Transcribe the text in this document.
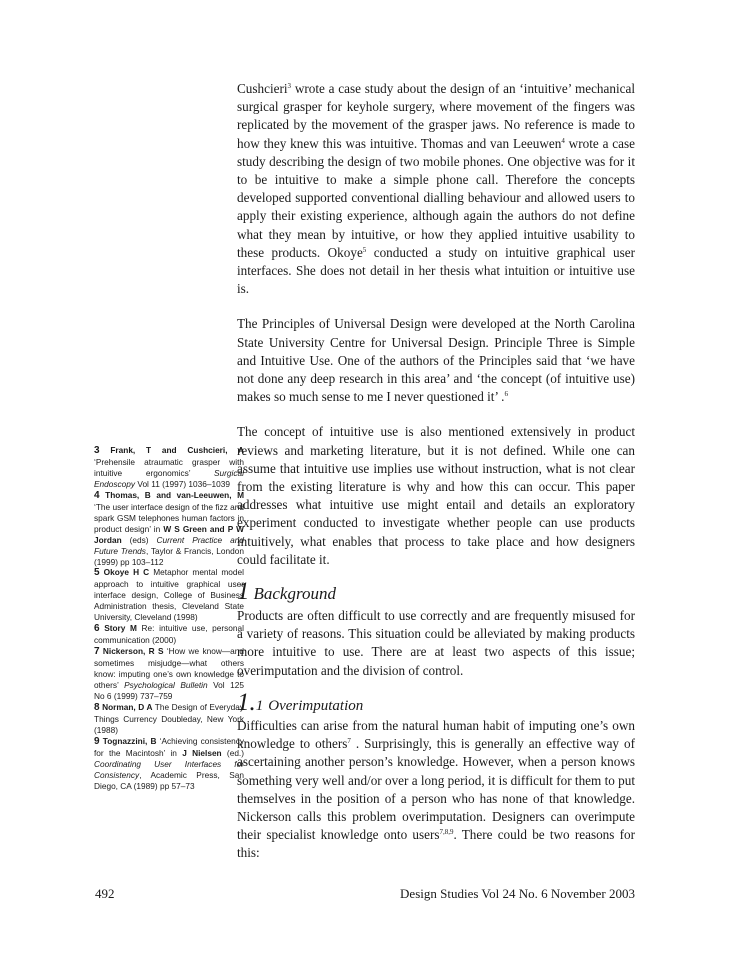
Cushcieri$^3$ wrote a case study about the design of an ‘intuitive’ mechanical surgical grasper for keyhole surgery, where movement of the fingers was replicated by the movement of the grasper jaws. No reference is made to how they knew this was intuitive. Thomas and van Leeuwen$^4$ wrote a case study describing the design of two mobile phones. One objective was for it to be intuitive to make a simple phone call. Therefore the concepts developed supported conventional dialling behaviour and allowed users to apply their existing experience, although again the authors do not define what they mean by intuitive, or how they applied intuitive usability to these products. Okoye$^5$ conducted a study on intuitive graphical user interfaces. She does not detail in her thesis what intuition or intuitive use is.

The Principles of Universal Design were developed at the North Carolina State University Centre for Universal Design. Principle Three is Simple and Intuitive Use. One of the authors of the Principles said that ‘we have not done any deep research in this area’ and ‘the concept (of intuitive use) makes so much sense to me I never questioned it’ .$^6$

The concept of intuitive use is also mentioned extensively in product reviews and marketing literature, but it is not defined. While one can assume that intuitive use implies use without instruction, what is not clear from the existing literature is why and how this can occur. This paper addresses what intuitive use might entail and details an exploratory experiment conducted to investigate whether people can use products intuitively, what enables that process to take place and how designers could facilitate it.

1 Background

Products are often difficult to use correctly and are frequently misused for a variety of reasons. This situation could be alleviated by making products more intuitive to use. There are at least two aspects of this issue; overimputation and the division of control.

1.1 Overimputation

Difficulties can arise from the natural human habit of imputing one’s own knowledge to others$^7$ . Surprisingly, this is generally an effective way of ascertaining another person’s knowledge. However, when a person knows something very well and/or over a long period, it is difficult for them to put themselves in the position of a person who has none of that knowledge. Nickerson calls this problem overimputation. Designers can overimpute their specialist knowledge onto users$^{7,8,9}$. There could be two reasons for this:

3 Frank, T and Cushcieri, A ‘Prehensile atraumatic grasper with intuitive ergonomics’ Surgical Endoscopy Vol 11 (1997) 1036–1039

4 Thomas, B and van-Leeuwen, M ‘The user interface design of the fizz and spark GSM telephones human factors in product design’ in W S Green and P W Jordan (eds) Current Practice and Future Trends, Taylor & Francis, London (1999) pp 103–112

5 Okoye H C Metaphor mental model approach to intuitive graphical user interface design, College of Business Administration thesis, Cleveland State University, Cleveland (1998)

6 Story M Re: intuitive use, personal communication (2000)

7 Nickerson, R S ‘How we know—and sometimes misjudge—what others know: imputing one’s own knowledge to others’ Psychological Bulletin Vol 125 No 6 (1999) 737–759

8 Norman, D A The Design of Everyday Things Currency Doubleday, New York (1988)

9 Tognazzini, B ‘Achieving consistency for the Macintosh’ in J Nielsen (ed.) Coordinating User Interfaces for Consistency, Academic Press, San Diego, CA (1989) pp 57–73

492	Design Studies Vol 24 No. 6 November 2003
